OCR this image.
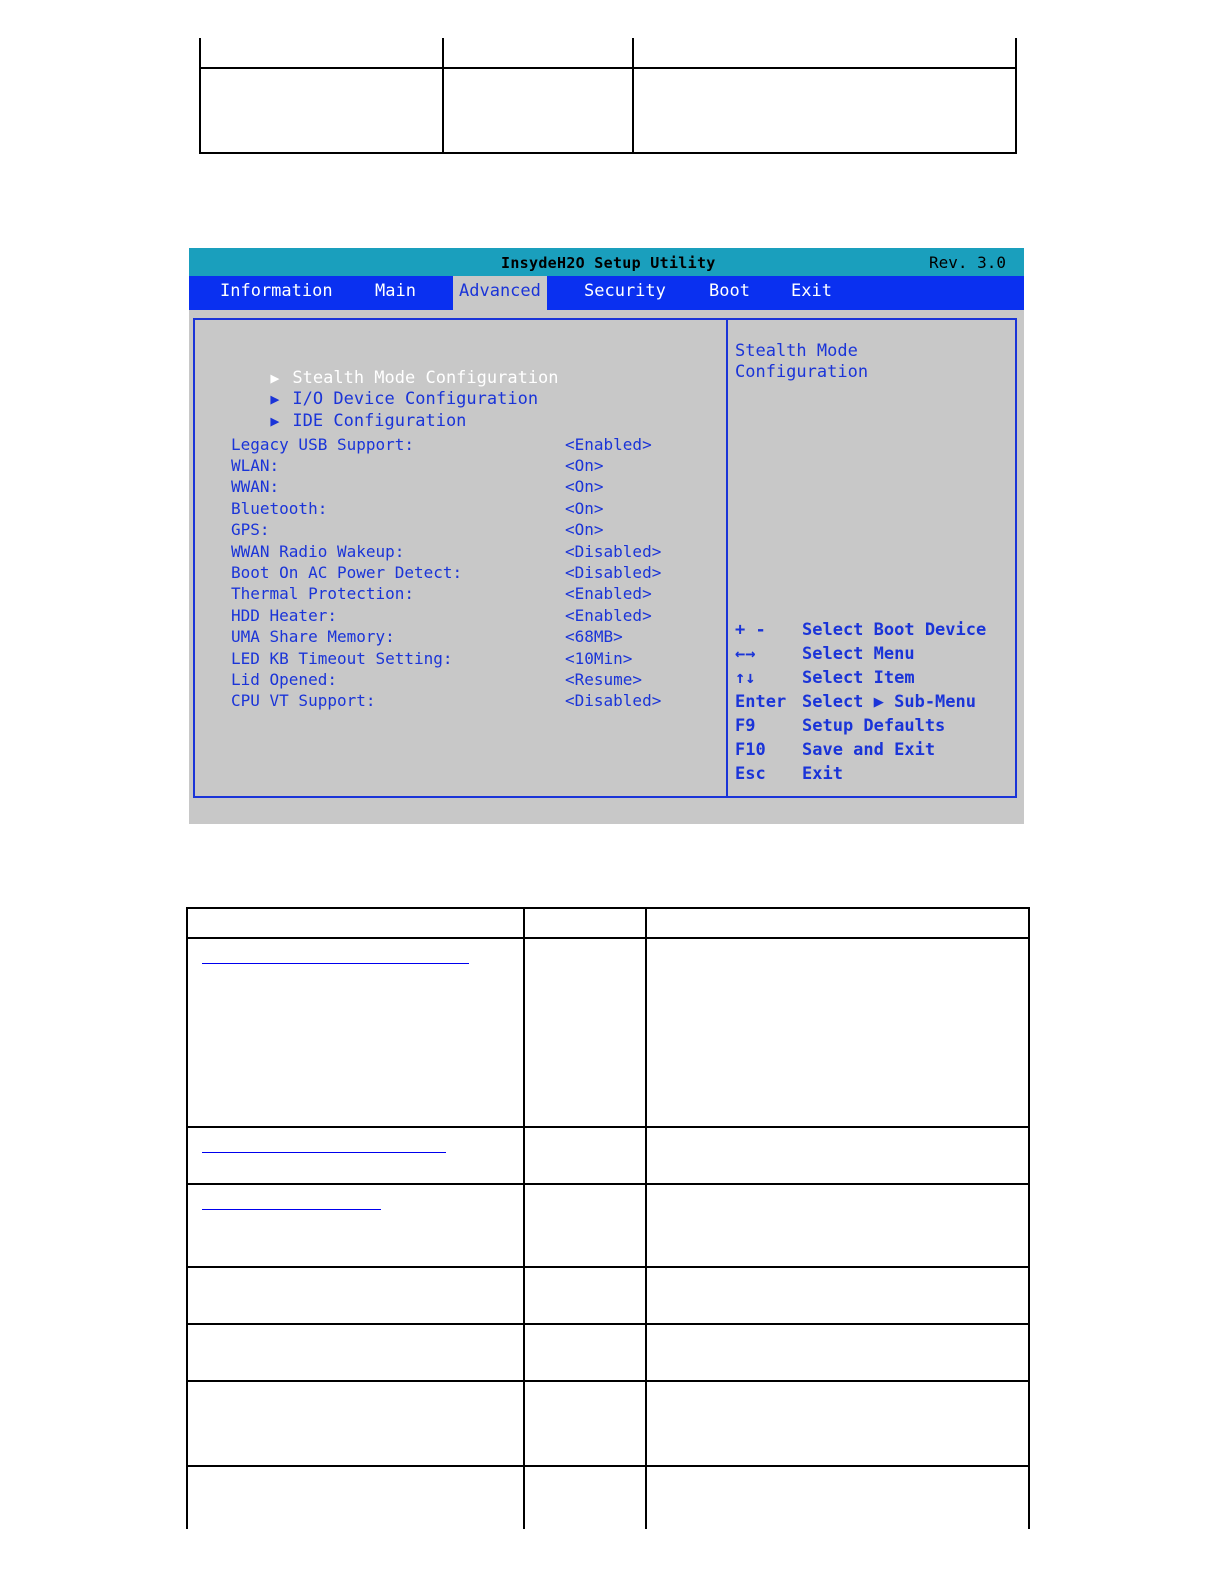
InsydeH2O Setup Utility	Rev. 3.0
Information Main	Advanced	Security	Boot Exit

▶ Stealth Mode Configuration

▶ I/O Device Configuration

▶ IDE Configuration

Legacy USB Support:	<Enabled>
WLAN:	<On>
WWAN:	<On>
Bluetooth:	<On>
GPS:	<On>
WWAN Radio Wakeup:	<Disabled>
Boot On AC Power Detect:	<Disabled>
Thermal Protection:	<Enabled>
HDD Heater:	<Enabled>
UMA Share Memory:	<68MB>
LED KB Timeout Setting:	<10Min>
Lid Opened:	<Resume>
CPU VT Support:	<Disabled>
Stealth Mode
Configuration
+ - Select Boot Device
←→	Select Menu
↑↓	Select Item
Enter Select ▶ Sub-Menu
F9	Setup Defaults
F10 Save and Exit
Esc Exit
